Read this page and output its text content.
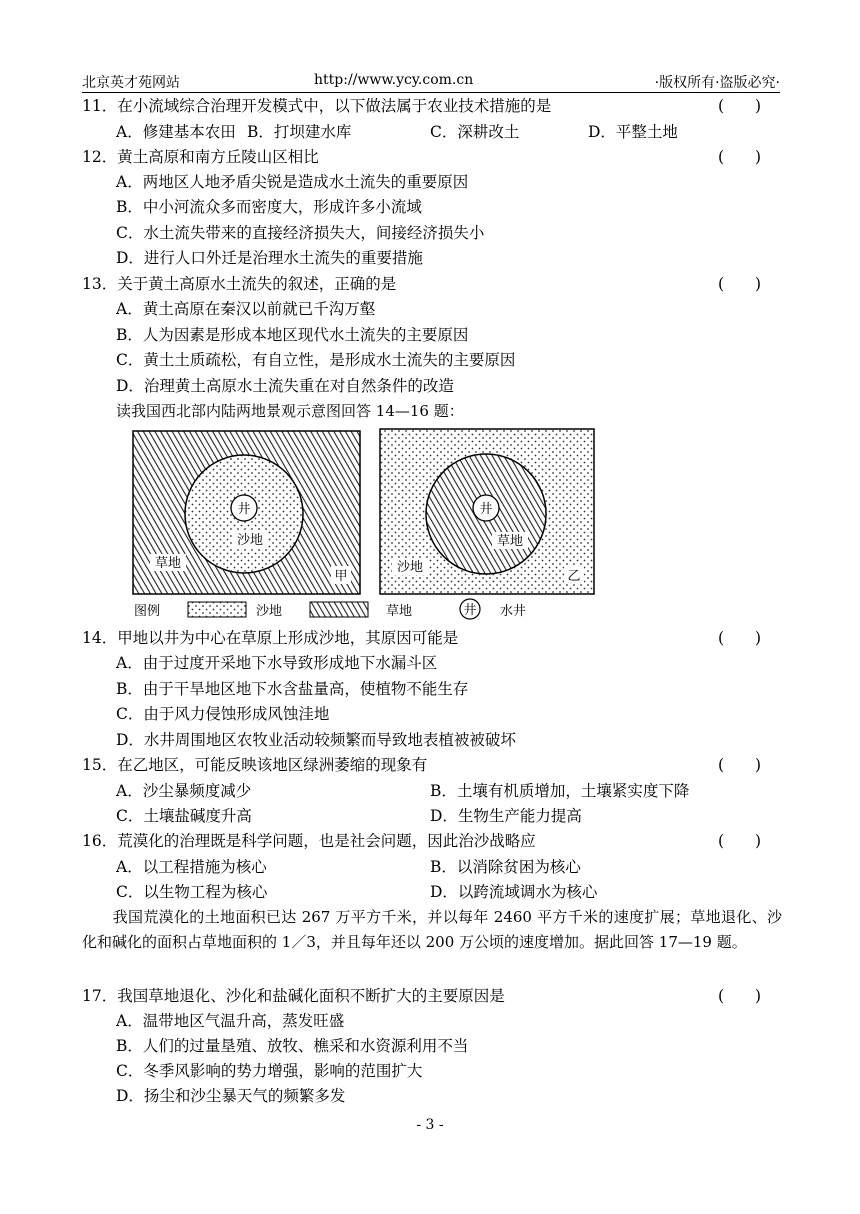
北京英才苑网站	http://www.ycy.com.cn	·版权所有·盗版必究·
11．在小流域综合治理开发模式中，以下做法属于农业技术措施的是	(　　)
A．修建基本农田 B．打坝建水库	C．深耕改土	D．平整土地
12．黄土高原和南方丘陵山区相比	(　　)
A．两地区人地矛盾尖锐是造成水土流失的重要原因
B．中小河流众多而密度大，形成许多小流域
C．水土流失带来的直接经济损失大，间接经济损失小
D．进行人口外迁是治理水土流失的重要措施
13．关于黄土高原水土流失的叙述，正确的是	(　　)
A．黄土高原在秦汉以前就已千沟万壑
B．人为因素是形成本地区现代水土流失的主要原因
C．黄土土质疏松，有自立性，是形成水土流失的主要原因
D．治理黄土高原水土流失重在对自然条件的改造
读我国西北部内陆两地景观示意图回答 14—16 题：
沙地
井
草地
甲
井
草地
沙地
乙
图例	沙地	草地	井 水井
14．甲地以井为中心在草原上形成沙地，其原因可能是	(　　)
A．由于过度开采地下水导致形成地下水漏斗区
B．由于干旱地区地下水含盐量高，使植物不能生存
C．由于风力侵蚀形成风蚀洼地
D．水井周围地区农牧业活动较频繁而导致地表植被被破坏
15．在乙地区，可能反映该地区绿洲萎缩的现象有	(　　)
A．沙尘暴频度减少	B．土壤有机质增加，土壤紧实度下降
C．土壤盐碱度升高	D．生物生产能力提高
16．荒漠化的治理既是科学问题，也是社会问题，因此治沙战略应	(　　)
A．以工程措施为核心	B．以消除贫困为核心
C．以生物工程为核心	D．以跨流域调水为核心
　　我国荒漠化的土地面积已达 267 万平方千米，并以每年 2460 平方千米的速度扩展；草地退化、沙化和碱化的面积占草地面积的 1／3，并且每年还以 200 万公顷的速度增加。据此回答 17—19 题。
17．我国草地退化、沙化和盐碱化面积不断扩大的主要原因是	(　　)
A．温带地区气温升高，蒸发旺盛
B．人们的过量垦殖、放牧、樵采和水资源利用不当
C．冬季风影响的势力增强，影响的范围扩大
D．扬尘和沙尘暴天气的频繁多发
- 3 -
